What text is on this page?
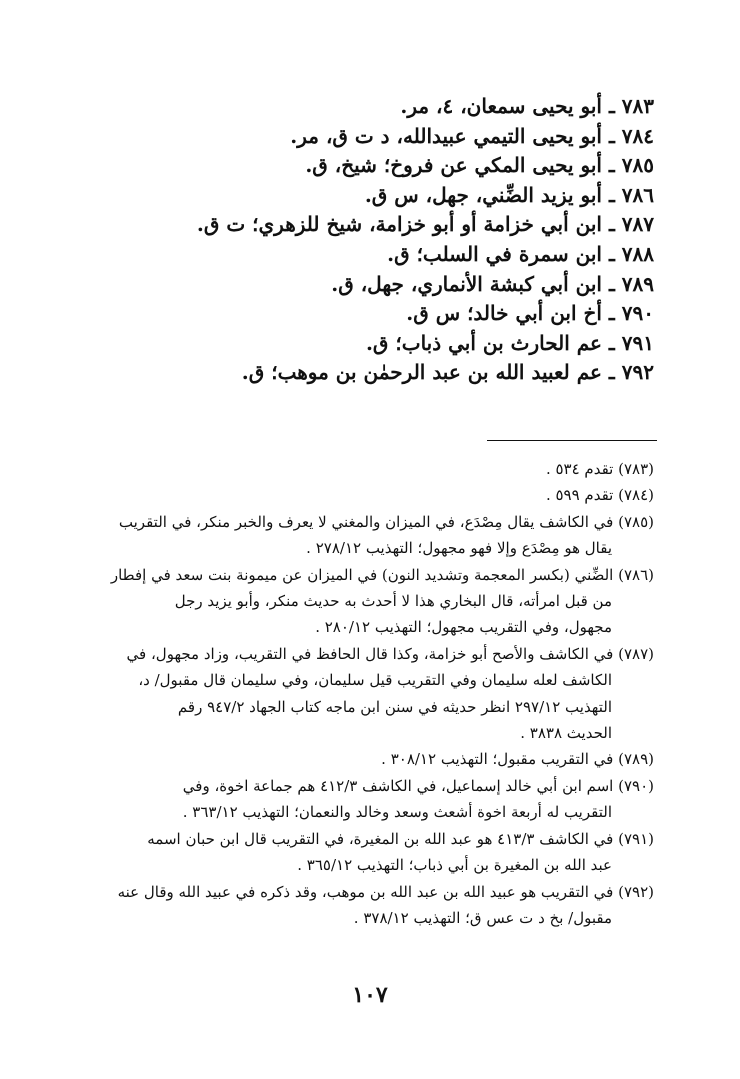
٧٨٣ ـ أبو يحيى سمعان، ٤، مر.
٧٨٤ ـ أبو يحيى التيمي عبيدالله، د ت ق، مر.
٧٨٥ ـ أبو يحيى المكي عن فروخ؛ شيخ، ق.
٧٨٦ ـ أبو يزيد الضِّني، جهل، س ق.
٧٨٧ ـ ابن أبي خزامة أو أبو خزامة، شيخ للزهري؛ ت ق.
٧٨٨ ـ ابن سمرة في السلب؛ ق.
٧٨٩ ـ ابن أبي كبشة الأنماري، جهل، ق.
٧٩٠ ـ أخ ابن أبي خالد؛ س ق.
٧٩١ ـ عم الحارث بن أبي ذباب؛ ق.
٧٩٢ ـ عم لعبيد الله بن عبد الرحمٰن بن موهب؛ ق.
(٧٨٣) تقدم ٥٣٤ .
(٧٨٤) تقدم ٥٩٩ .
(٧٨٥) في الكاشف يقال مِصْدَع، في الميزان والمغني لا يعرف والخبر منكر، في التقريب
يقال هو مِصْدَع وإلا فهو مجهول؛ التهذيب ٢٧٨/١٢ .
(٧٨٦) الضِّني (بكسر المعجمة وتشديد النون) في الميزان عن ميمونة بنت سعد في إفطار
من قبل امرأته، قال البخاري هذا لا أحدث به حديث منكر، وأبو يزيد رجل
مجهول، وفي التقريب مجهول؛ التهذيب ٢٨٠/١٢ .
(٧٨٧) في الكاشف والأصح أبو خزامة، وكذا قال الحافظ في التقريب، وزاد مجهول، في
الكاشف لعله سليمان وفي التقريب قيل سليمان، وفي سليمان قال مقبول/ د،
التهذيب ٢٩٧/١٢ انظر حديثه في سنن ابن ماجه كتاب الجهاد ٩٤٧/٢ رقم
الحديث ٣٨٣٨ .
(٧٨٩) في التقريب مقبول؛ التهذيب ٣٠٨/١٢ .
(٧٩٠) اسم ابن أبي خالد إسماعيل، في الكاشف ٤١٢/٣ هم جماعة اخوة، وفي
التقريب له أربعة اخوة أشعث وسعد وخالد والنعمان؛ التهذيب ٣٦٣/١٢ .
(٧٩١) في الكاشف ٤١٣/٣ هو عبد الله بن المغيرة، في التقريب قال ابن حبان اسمه
عبد الله بن المغيرة بن أبي ذباب؛ التهذيب ٣٦٥/١٢ .
(٧٩٢) في التقريب هو عبيد الله بن عبد الله بن موهب، وقد ذكره في عبيد الله وقال عنه
مقبول/ بخ د ت عس ق؛ التهذيب ٣٧٨/١٢ .
١٠٧
